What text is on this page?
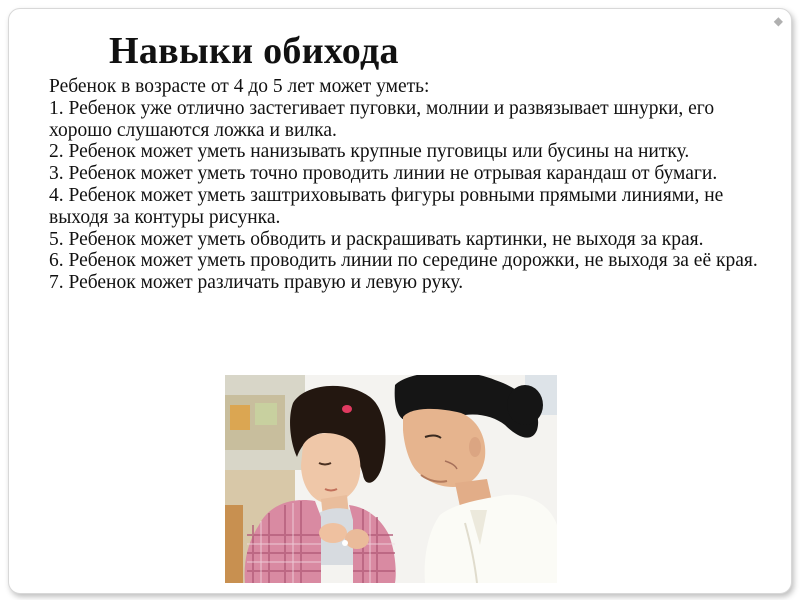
◆
Навыки обихода

Ребенок в возрасте от 4 до 5 лет может уметь:

1. Ребенок уже отлично застегивает пуговки, молнии и развязывает шнурки, его хорошо слушаются ложка и вилка.

2. Ребенок может уметь нанизывать крупные пуговицы или бусины на нитку.

3. Ребенок может уметь точно проводить линии не отрывая карандаш от бумаги.

4. Ребенок может уметь заштриховывать фигуры ровными прямыми линиями, не выходя за контуры рисунка.

5. Ребенок может уметь обводить и раскрашивать картинки, не выходя за края.

6. Ребенок может уметь проводить линии по середине дорожки, не выходя за её края.

7. Ребенок может различать правую и левую руку.
